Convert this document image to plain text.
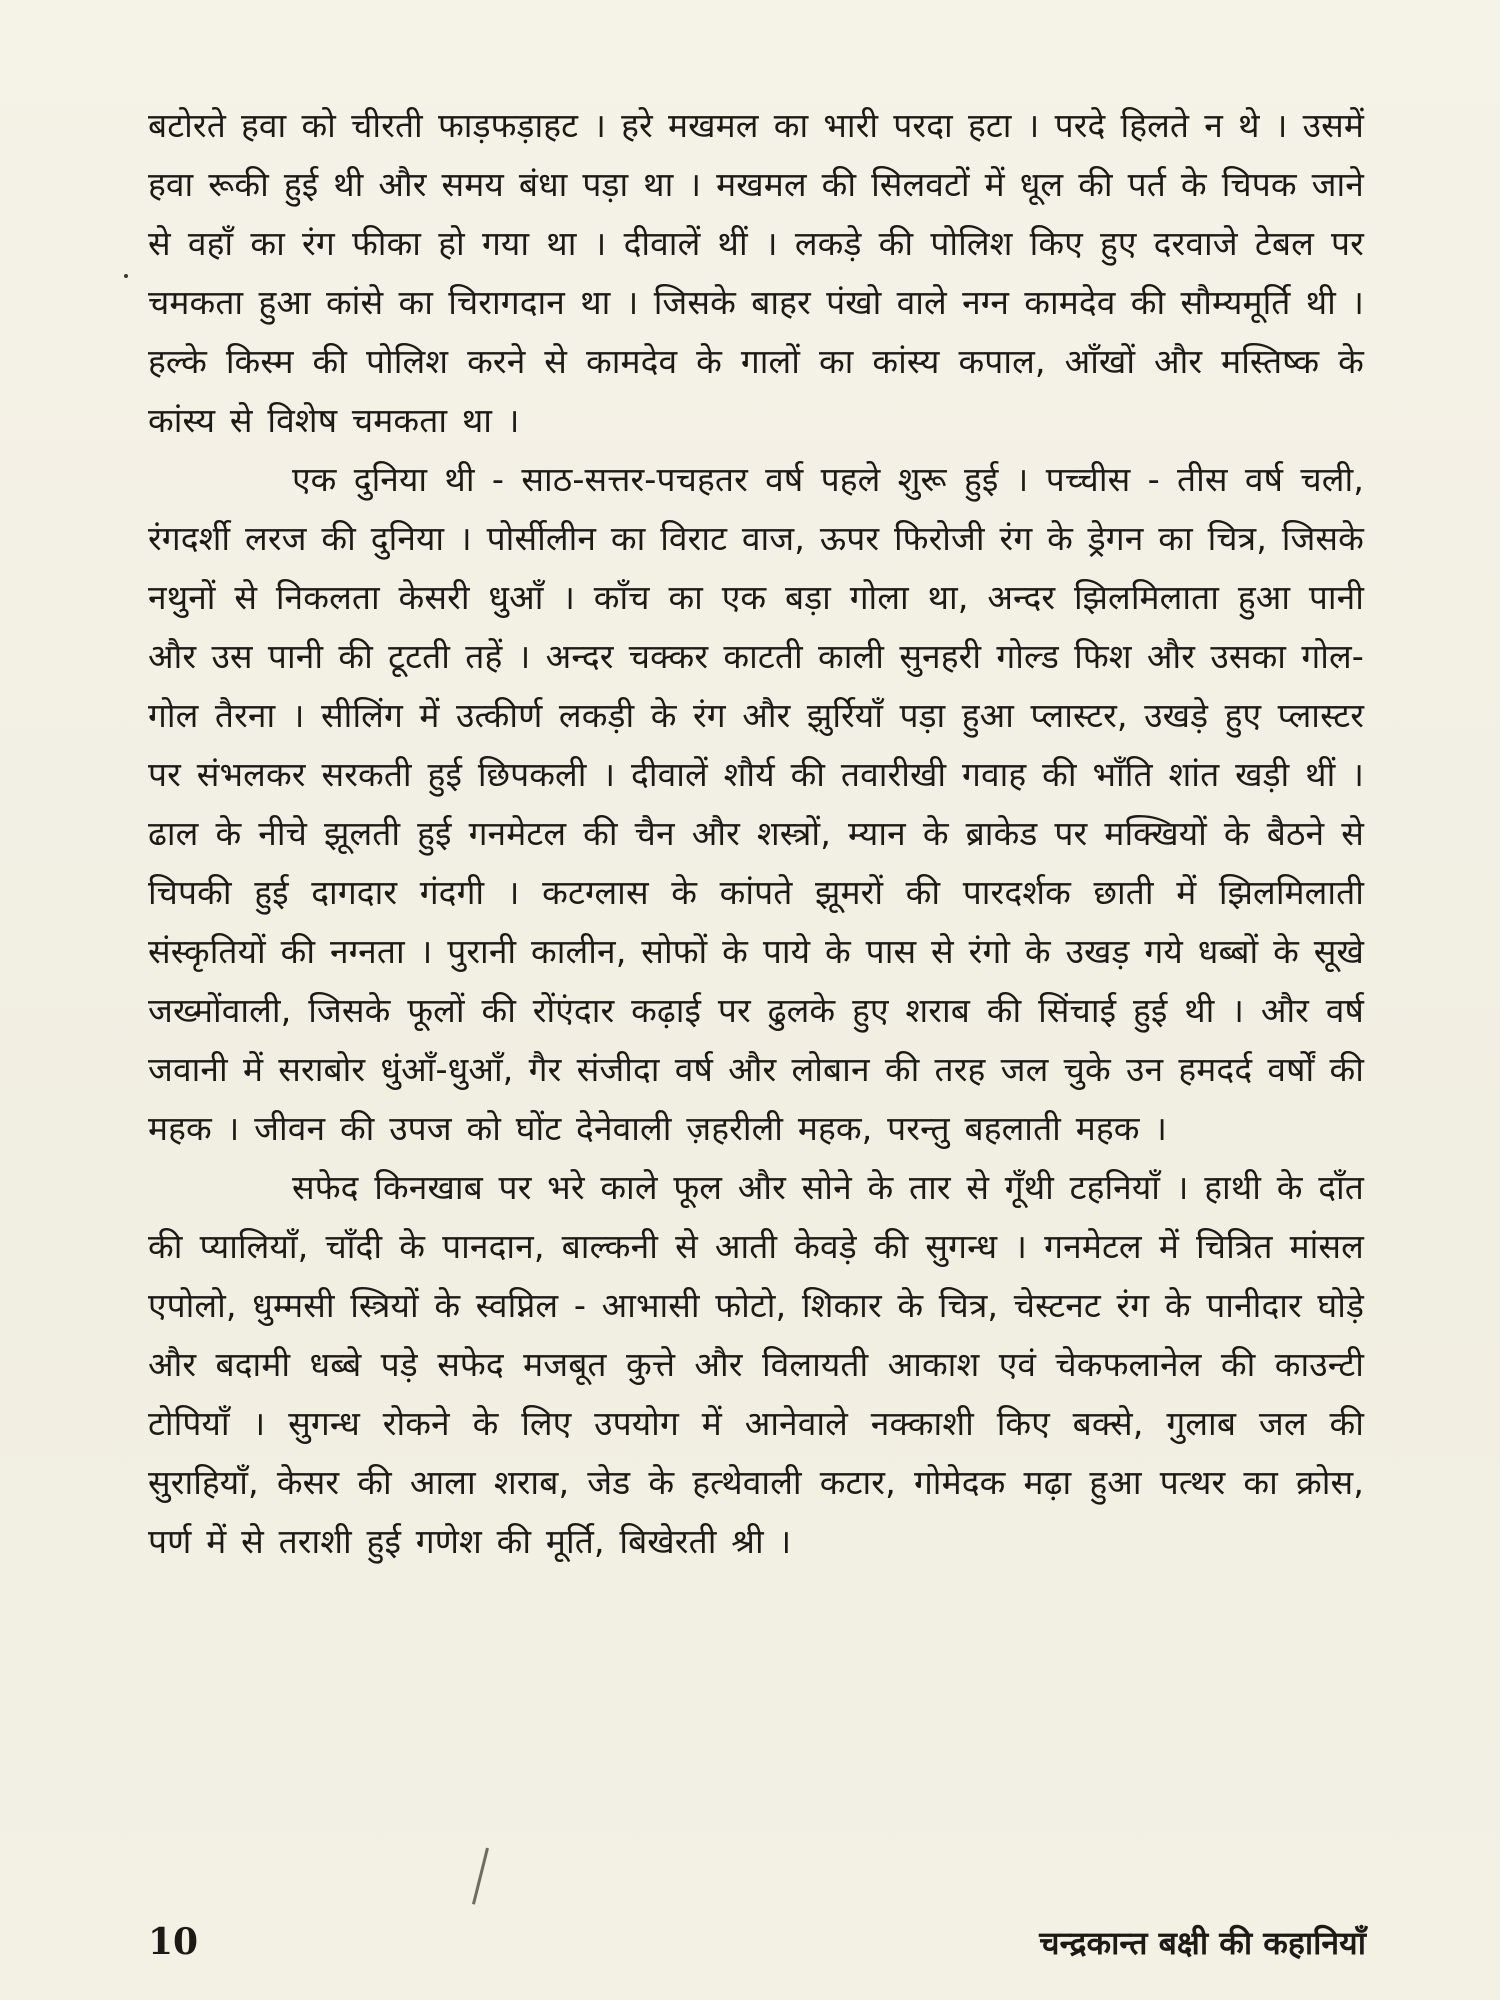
बटोरते हवा को चीरती फाड़फड़ाहट । हरे मखमल का भारी परदा हटा । परदे हिलते न थे । उसमें हवा रूकी हुई थी और समय बंधा पड़ा था । मखमल की सिलवटों में धूल की पर्त के चिपक जाने से वहाँ का रंग फीका हो गया था । दीवालें थीं । लकड़े की पोलिश किए हुए दरवाजे टेबल पर चमकता हुआ कांसे का चिरागदान था । जिसके बाहर पंखो वाले नग्न कामदेव की सौम्यमूर्ति थी । हल्के किस्म की पोलिश करने से कामदेव के गालों का कांस्य कपाल, आँखों और मस्तिष्क के कांस्य से विशेष चमकता था ।

एक दुनिया थी - साठ-सत्तर-पचहतर वर्ष पहले शुरू हुई । पच्चीस - तीस वर्ष चली, रंगदर्शी लरज की दुनिया । पोर्सीलीन का विराट वाज, ऊपर फिरोजी रंग के ड्रेगन का चित्र, जिसके नथुनों से निकलता केसरी धुआँ । काँच का एक बड़ा गोला था, अन्दर झिलमिलाता हुआ पानी और उस पानी की टूटती तहें । अन्दर चक्कर काटती काली सुनहरी गोल्ड फिश और उसका गोल-गोल तैरना । सीलिंग में उत्कीर्ण लकड़ी के रंग और झुर्रियाँ पड़ा हुआ प्लास्टर, उखड़े हुए प्लास्टर पर संभलकर सरकती हुई छिपकली । दीवालें शौर्य की तवारीखी गवाह की भाँति शांत खड़ी थीं । ढाल के नीचे झूलती हुई गनमेटल की चैन और शस्त्रों, म्यान के ब्राकेड पर मक्खियों के बैठने से चिपकी हुई दागदार गंदगी । कटग्लास के कांपते झूमरों की पारदर्शक छाती में झिलमिलाती संस्कृतियों की नग्नता । पुरानी कालीन, सोफों के पाये के पास से रंगो के उखड़ गये धब्बों के सूखे जख्मोंवाली, जिसके फूलों की रोंएंदार कढ़ाई पर ढुलके हुए शराब की सिंचाई हुई थी । और वर्ष जवानी में सराबोर धुंआँ-धुआँ, गैर संजीदा वर्ष और लोबान की तरह जल चुके उन हमदर्द वर्षों की महक । जीवन की उपज को घोंट देनेवाली ज़हरीली महक, परन्तु बहलाती महक ।

सफेद किनखाब पर भरे काले फूल और सोने के तार से गूँथी टहनियाँ । हाथी के दाँत की प्यालियाँ, चाँदी के पानदान, बाल्कनी से आती केवड़े की सुगन्ध । गनमेटल में चित्रित मांसल एपोलो, धुम्मसी स्त्रियों के स्वप्निल - आभासी फोटो, शिकार के चित्र, चेस्टनट रंग के पानीदार घोड़े और बदामी धब्बे पड़े सफेद मजबूत कुत्ते और विलायती आकाश एवं चेकफलानेल की काउन्टी टोपियाँ । सुगन्ध रोकने के लिए उपयोग में आनेवाले नक्काशी किए बक्से, गुलाब जल की सुराहियाँ, केसर की आला शराब, जेड के हत्थेवाली कटार, गोमेदक मढ़ा हुआ पत्थर का क्रोस, पर्ण में से तराशी हुई गणेश की मूर्ति, बिखेरती श्री ।

10	चन्द्रकान्त बक्षी की कहानियाँ
